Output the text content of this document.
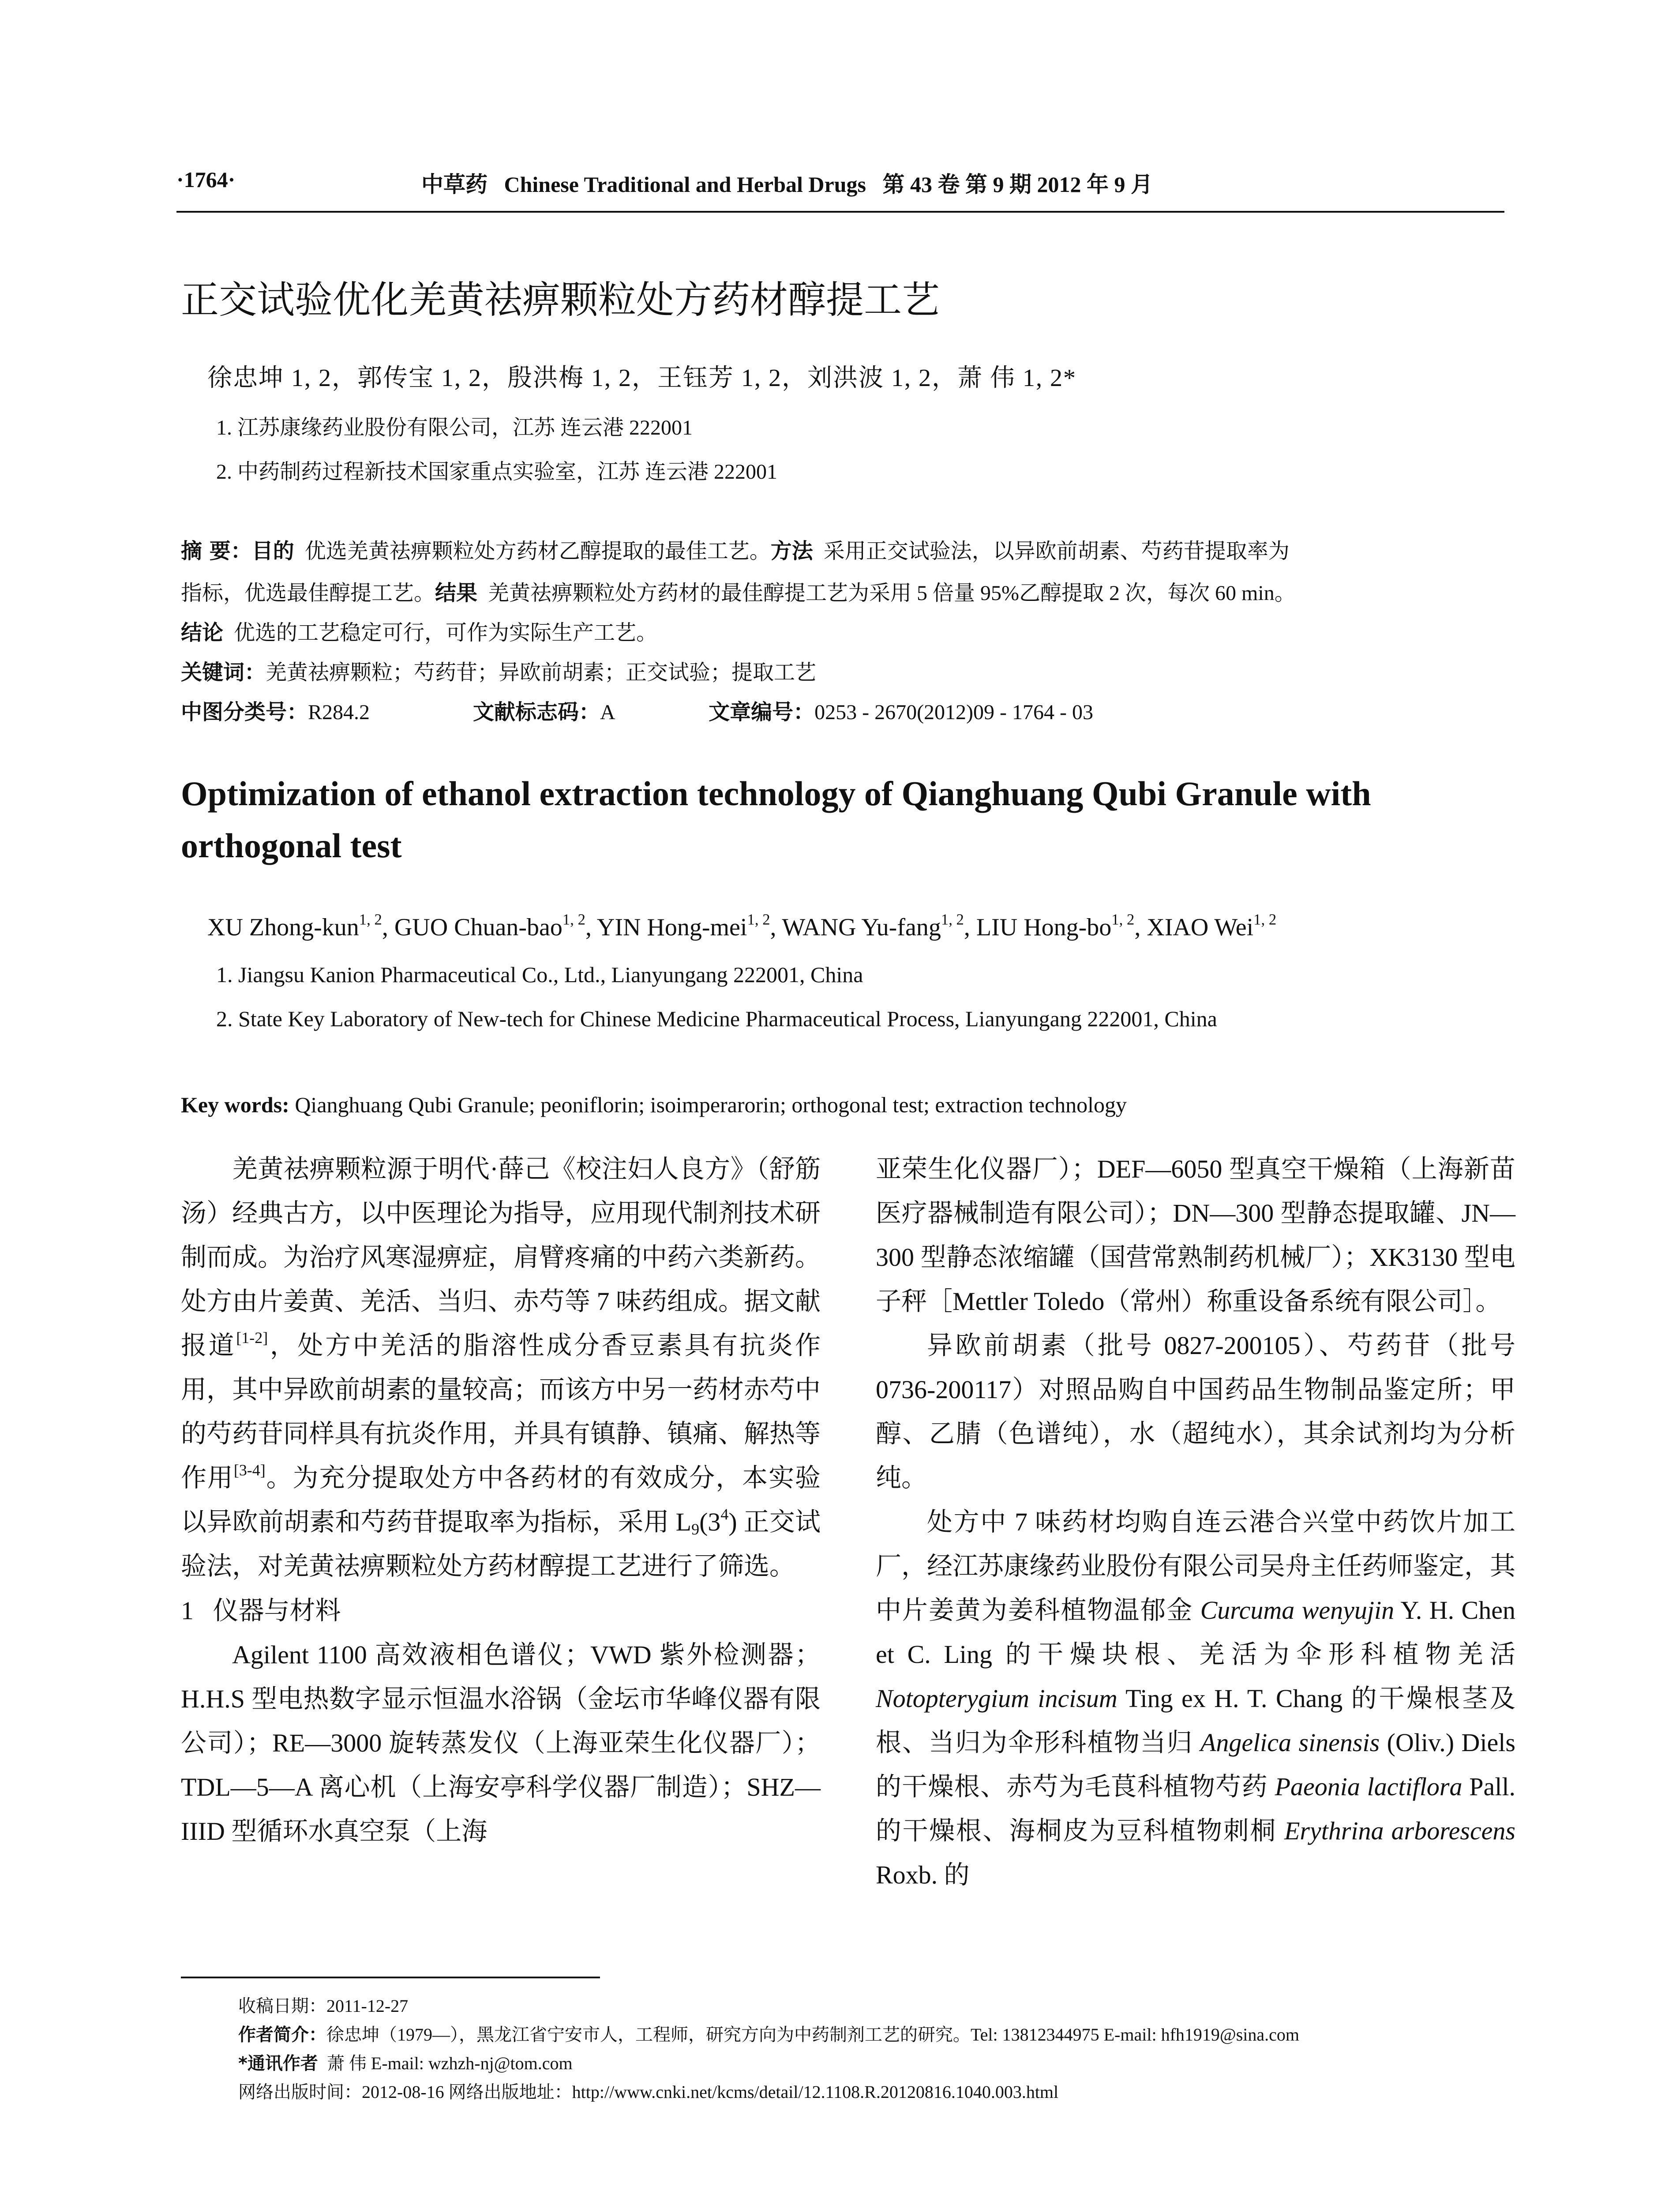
·1764·	中草药 Chinese Traditional and Herbal Drugs 第 43 卷 第 9 期 2012 年 9 月
正交试验优化羌黄祛痹颗粒处方药材醇提工艺
徐忠坤 1, 2，郭传宝 1, 2，殷洪梅 1, 2，王钰芳 1, 2，刘洪波 1, 2，萧 伟 1, 2*
1. 江苏康缘药业股份有限公司，江苏 连云港 222001
2. 中药制药过程新技术国家重点实验室，江苏 连云港 222001
摘 要：目的 优选羌黄祛痹颗粒处方药材乙醇提取的最佳工艺。方法 采用正交试验法，以异欧前胡素、芍药苷提取率为
指标，优选最佳醇提工艺。结果 羌黄祛痹颗粒处方药材的最佳醇提工艺为采用 5 倍量 95%乙醇提取 2 次，每次 60 min。
结论 优选的工艺稳定可行，可作为实际生产工艺。
关键词：羌黄祛痹颗粒；芍药苷；异欧前胡素；正交试验；提取工艺
中图分类号：R284.2	文献标志码：A	文章编号：0253 - 2670(2012)09 - 1764 - 03
Optimization of ethanol extraction technology of Qianghuang Qubi Granule with orthogonal test
XU Zhong-kun$^{1, 2}$, GUO Chuan-bao$^{1, 2}$, YIN Hong-mei$^{1, 2}$, WANG Yu-fang$^{1, 2}$, LIU Hong-bo$^{1, 2}$, XIAO Wei$^{1, 2}$
1. Jiangsu Kanion Pharmaceutical Co., Ltd., Lianyungang 222001, China
2. State Key Laboratory of New-tech for Chinese Medicine Pharmaceutical Process, Lianyungang 222001, China
Key words: Qianghuang Qubi Granule; peoniflorin; isoimperarorin; orthogonal test; extraction technology

羌黄祛痹颗粒源于明代·薛己《校注妇人良方》（舒筋汤）经典古方，以中医理论为指导，应用现代制剂技术研制而成。为治疗风寒湿痹症，肩臂疼痛的中药六类新药。处方由片姜黄、羌活、当归、赤芍等 7 味药组成。据文献报道[1-2]，处方中羌活的脂溶性成分香豆素具有抗炎作用，其中异欧前胡素的量较高；而该方中另一药材赤芍中的芍药苷同样具有抗炎作用，并具有镇静、镇痛、解热等作用[3-4]。为充分提取处方中各药材的有效成分，本实验以异欧前胡素和芍药苷提取率为指标，采用 $L_9(3^4)$ 正交试验法，对羌黄祛痹颗粒处方药材醇提工艺进行了筛选。

1 仪器与材料

Agilent 1100 高效液相色谱仪；VWD 紫外检测器；H.H.S 型电热数字显示恒温水浴锅（金坛市华峰仪器有限公司）；RE—3000 旋转蒸发仪（上海亚荣生化仪器厂）；TDL—5—A 离心机（上海安亭科学仪器厂制造）；SHZ—IIID 型循环水真空泵（上海

亚荣生化仪器厂）；DEF—6050 型真空干燥箱（上海新苗医疗器械制造有限公司）；DN—300 型静态提取罐、JN—300 型静态浓缩罐（国营常熟制药机械厂）；XK3130 型电子秤［Mettler Toledo（常州）称重设备系统有限公司］。

异欧前胡素（批号 0827-200105）、芍药苷（批号 0736-200117）对照品购自中国药品生物制品鉴定所；甲醇、乙腈（色谱纯），水（超纯水），其余试剂均为分析纯。

处方中 7 味药材均购自连云港合兴堂中药饮片加工厂，经江苏康缘药业股份有限公司吴舟主任药师鉴定，其中片姜黄为姜科植物温郁金 Curcuma wenyujin Y. H. Chen et C. Ling 的干燥块根、羌活为伞形科植物羌活 Notopterygium incisum Ting ex H. T. Chang 的干燥根茎及根、当归为伞形科植物当归 Angelica sinensis (Oliv.) Diels 的干燥根、赤芍为毛茛科植物芍药 Paeonia lactiflora Pall. 的干燥根、海桐皮为豆科植物刺桐 Erythrina arborescens Roxb. 的

收稿日期：2011-12-27
作者简介：徐忠坤（1979—），黑龙江省宁安市人，工程师，研究方向为中药制剂工艺的研究。Tel: 13812344975 E-mail: hfh1919@sina.com
*通讯作者 萧 伟 E-mail: wzhzh-nj@tom.com
网络出版时间：2012-08-16 网络出版地址：http://www.cnki.net/kcms/detail/12.1108.R.20120816.1040.003.html
